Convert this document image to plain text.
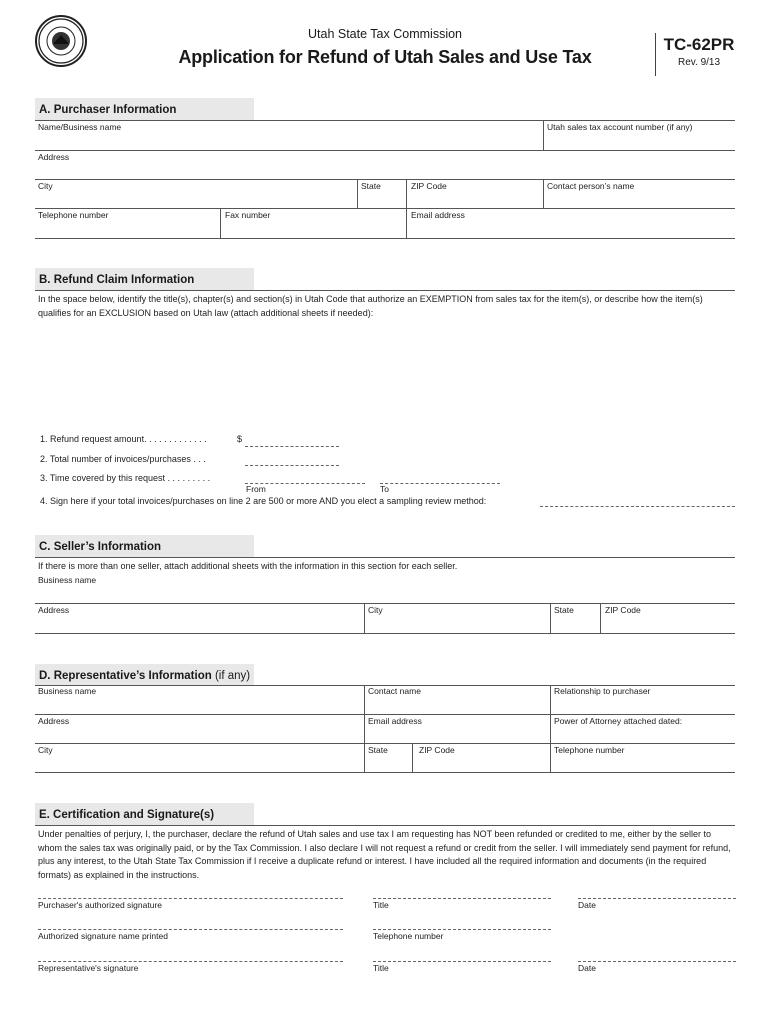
Utah State Tax Commission
Application for Refund of Utah Sales and Use Tax
TC-62PR
Rev. 9/13
A. Purchaser Information
Name/Business name	Utah sales tax account number (if any)
Address
City	State	ZIP Code	Contact person’s name
Telephone number	Fax number	Email address
B. Refund Claim Information
In the space below, identify the title(s), chapter(s) and section(s) in Utah Code that authorize an EXEMPTION from sales tax for the item(s), or describe how the item(s) qualifies for an EXCLUSION based on Utah law (attach additional sheets if needed):
1. Refund request amount. . . . . . . . . . . . .	$
2. Total number of invoices/purchases . . .
3. Time covered by this request . . . . . . . . .
From	To
4. Sign here if your total invoices/purchases on line 2 are 500 or more AND you elect a sampling review method:
C. Seller’s Information
If there is more than one seller, attach additional sheets with the information in this section for each seller.
Business name
Address	City	State	ZIP Code
D. Representative’s Information (if any)
Business name	Contact name	Relationship to purchaser
Address	Email address	Power of Attorney attached dated:
City	State	ZIP Code	Telephone number
E. Certification and Signature(s)
Under penalties of perjury, I, the purchaser, declare the refund of Utah sales and use tax I am requesting has NOT been refunded or credited to me, either by the seller to whom the sales tax was originally paid, or by the Tax Commission. I also declare I will not request a refund or credit from the seller. I will immediately send payment for refund, plus any interest, to the Utah State Tax Commission if I receive a duplicate refund or interest. I have included all the required information and documents (in the required formats) as explained in the instructions.
Purchaser's authorized signature	Title	Date
Authorized signature name printed	Telephone number
Representative's signature	Title	Date
